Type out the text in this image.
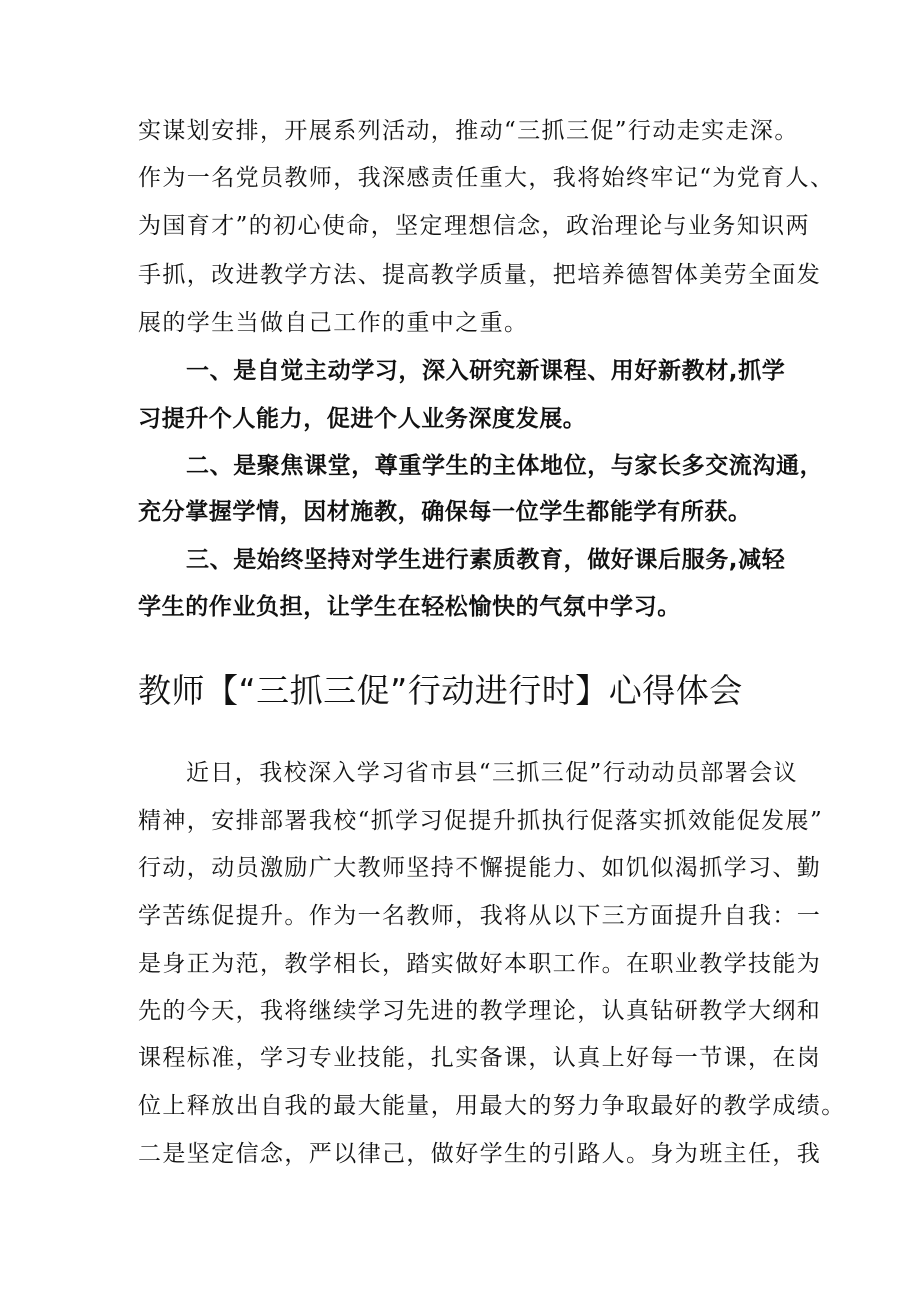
实谋划安排，开展系列活动，推动“三抓三促”行动走实走深。
作为一名党员教师，我深感责任重大，我将始终牢记“为党育人、
为国育才”的初心使命，坚定理想信念，政治理论与业务知识两
手抓，改进教学方法、提高教学质量，把培养德智体美劳全面发
展的学生当做自己工作的重中之重。
一、是自觉主动学习，深入研究新课程、用好新教材,抓学
习提升个人能力，促进个人业务深度发展。
二、是聚焦课堂，尊重学生的主体地位，与家长多交流沟通，
充分掌握学情，因材施教，确保每一位学生都能学有所获。
三、是始终坚持对学生进行素质教育，做好课后服务,减轻
学生的作业负担，让学生在轻松愉快的气氛中学习。
教师【“三抓三促”行动进行时】心得体会
近日，我校深入学习省市县“三抓三促”行动动员部署会议
精神，安排部署我校“抓学习促提升抓执行促落实抓效能促发展”
行动，动员激励广大教师坚持不懈提能力、如饥似渴抓学习、勤
学苦练促提升。作为一名教师，我将从以下三方面提升自我：一
是身正为范，教学相长，踏实做好本职工作。在职业教学技能为
先的今天，我将继续学习先进的教学理论，认真钻研教学大纲和
课程标准，学习专业技能，扎实备课，认真上好每一节课，在岗
位上释放出自我的最大能量，用最大的努力争取最好的教学成绩。
二是坚定信念，严以律己，做好学生的引路人。身为班主任，我
